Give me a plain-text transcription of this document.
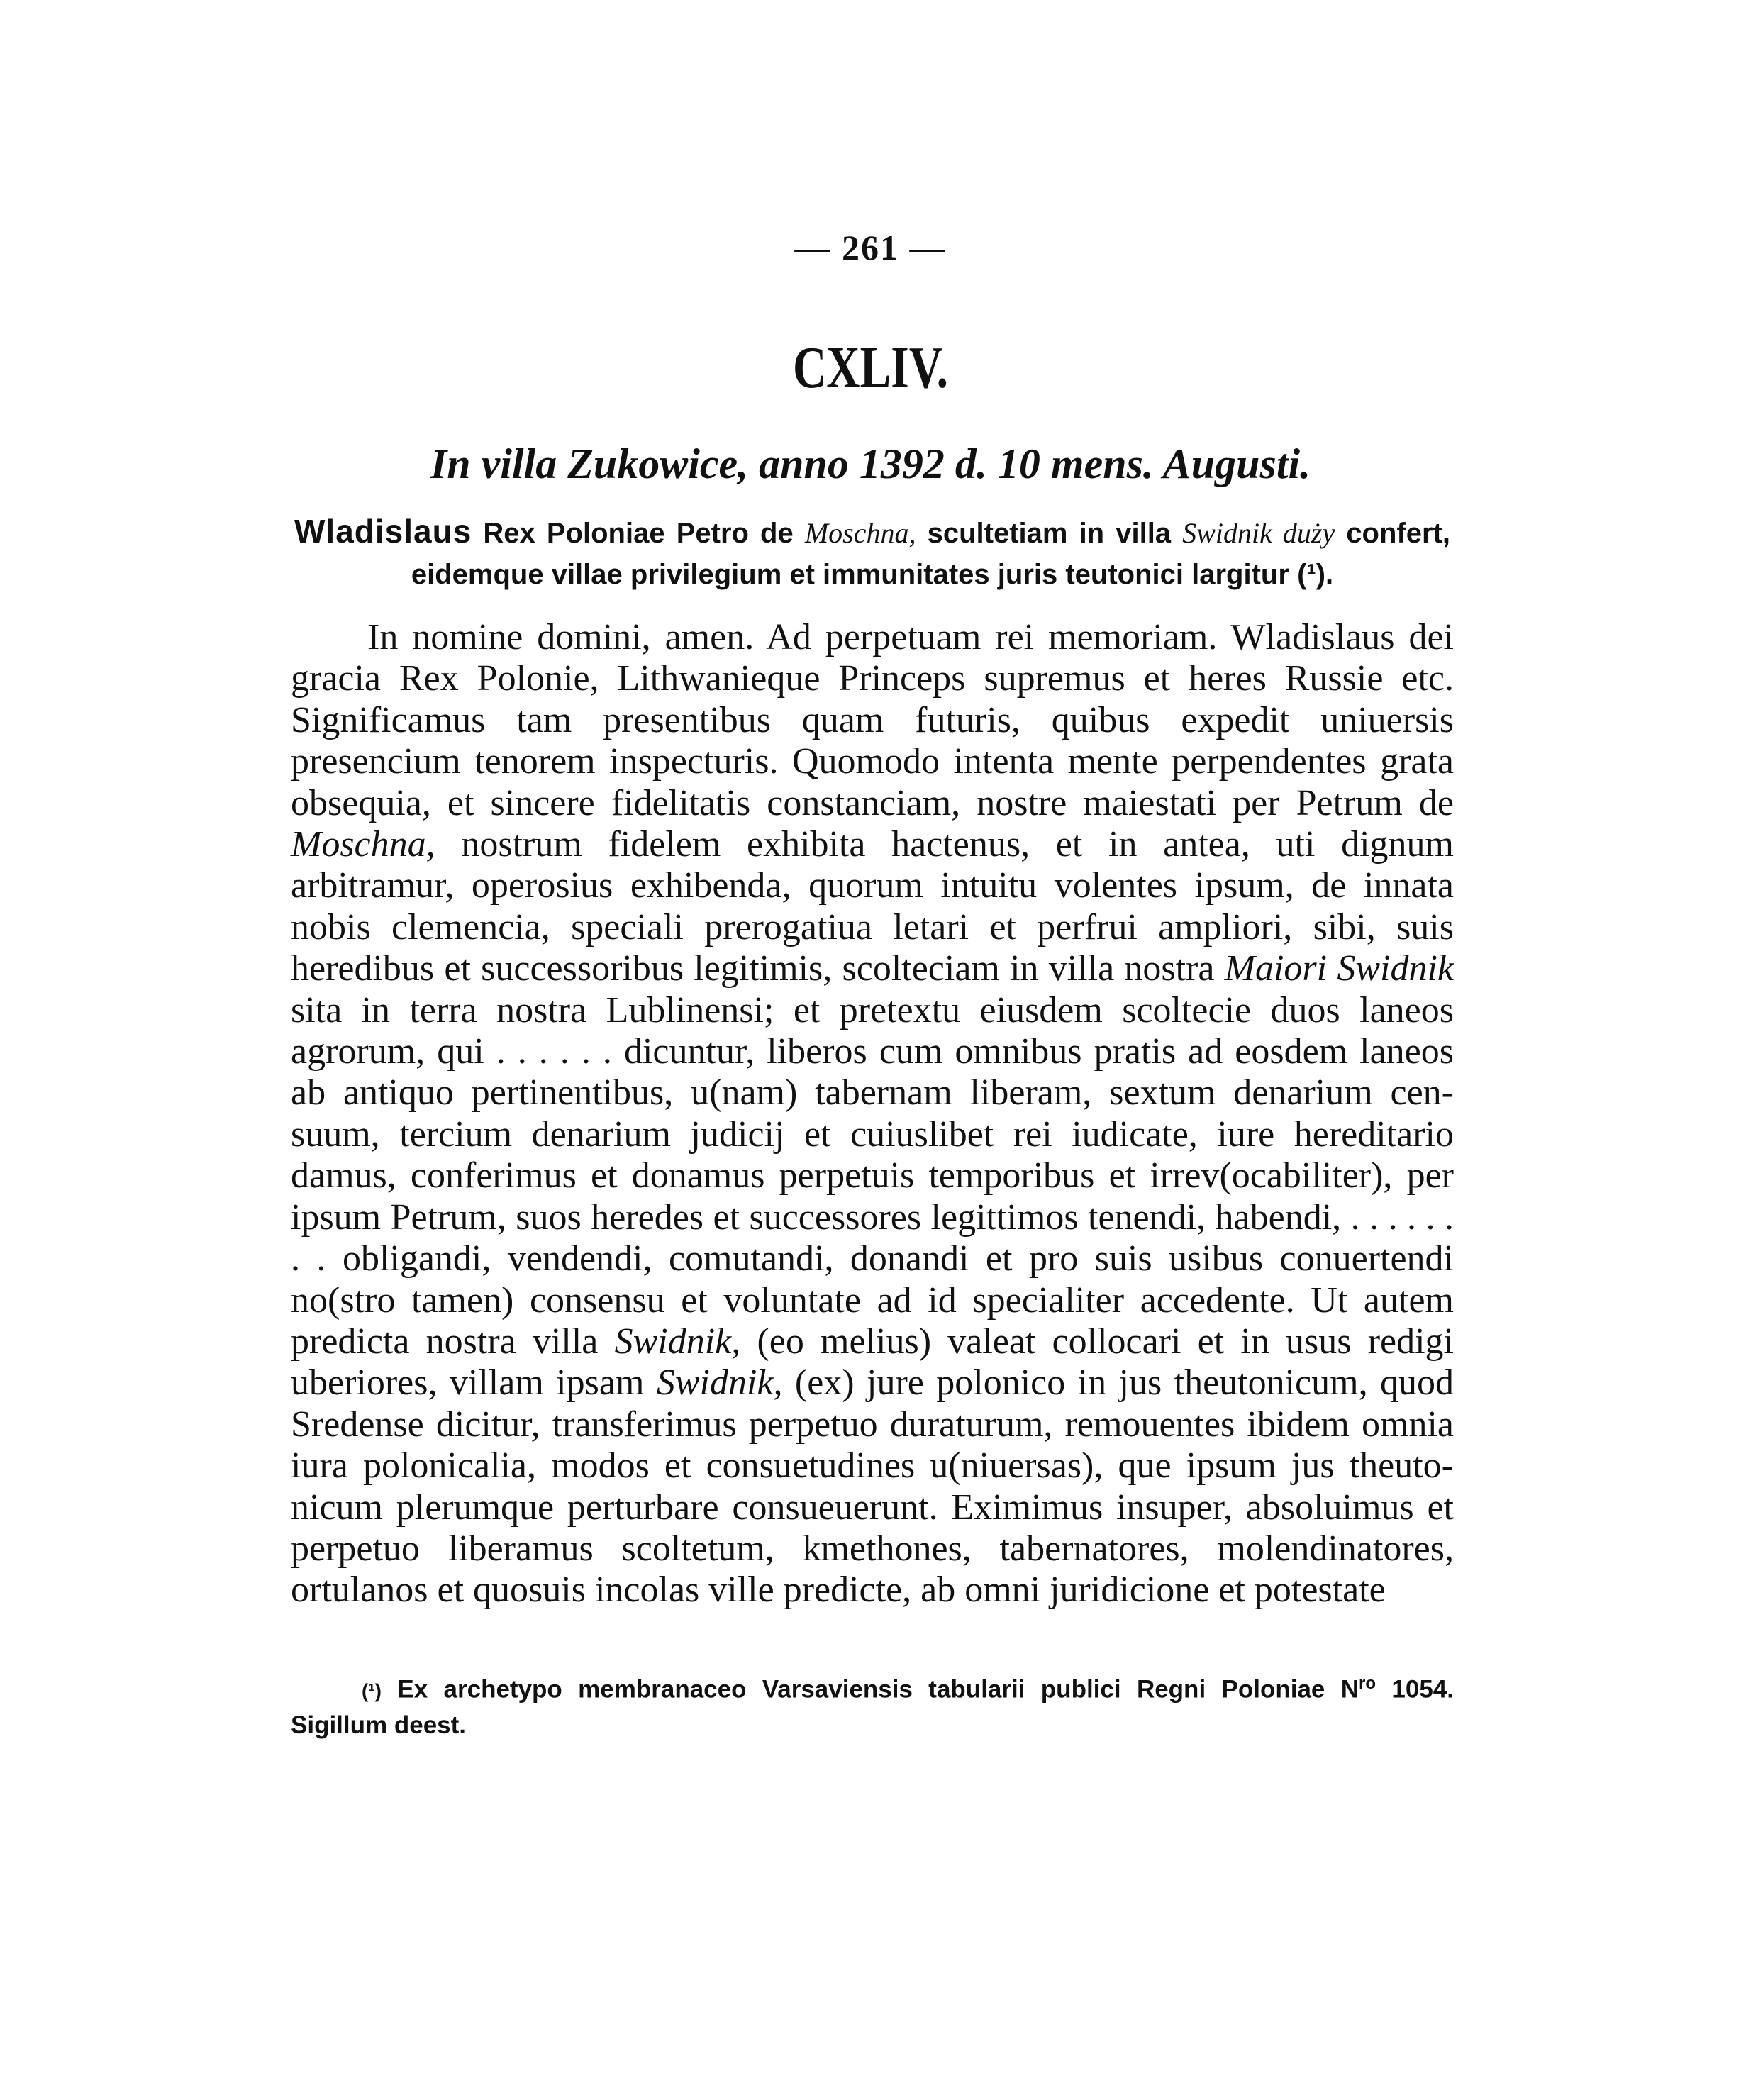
— 261 —
CXLIV.
In villa Zukowice, anno 1392 d. 10 mens. Augusti.
Wladislaus Rex Poloniae Petro de Moschna, scultetiam in villa Swidnik duży confert, eidemque villae privilegium et immunitates juris teutonici largitur (¹).
In nomine domini, amen. Ad perpetuam rei memoriam. Wladislaus dei gracia Rex Polonie, Lithwanieque Princeps supremus et heres Russie etc. Significamus tam presentibus quam futuris, quibus expedit uniuersis presencium tenorem inspecturis. Quomodo intenta mente perpendentes grata obsequia, et sincere fidelitatis constanciam, nostre maiestati per Petrum de Moschna, nostrum fidelem exhibita hactenus, et in antea, uti dignum arbitramur, operosius exhibenda, quorum intuitu volentes ipsum, de innata nobis clemencia, speciali prerogatiua letari et perfrui ampliori, sibi, suis heredibus et successoribus legitimis, scolteciam in villa nostra Maiori Swidnik sita in terra nostra Lublinensi; et pretextu eiusdem scoltecie duos laneos agrorum, qui . . . . . . dicuntur, liberos cum omnibus pratis ad eosdem laneos ab antiquo pertinentibus, u(nam) tabernam liberam, sextum denarium cen-suum, tercium denarium judicij et cuiuslibet rei iudicate, iure hereditario damus, conferimus et donamus perpetuis temporibus et irrev(ocabiliter), per ipsum Petrum, suos heredes et successores legittimos tenendi, habendi, . . . . . . . . obligandi, vendendi, comutandi, donandi et pro suis usibus conuertendi no(stro tamen) consensu et voluntate ad id specialiter accedente. Ut autem predicta nostra villa Swidnik, (eo melius) valeat collocari et in usus redigi uberiores, villam ipsam Swidnik, (ex) jure polonico in jus theutonicum, quod Sredense dicitur, transferimus perpetuo duraturum, remouentes ibidem omnia iura polonicalia, modos et consuetudines u(niuersas), que ipsum jus theuto-nicum plerumque perturbare consueuerunt. Eximimus insuper, absoluimus et perpetuo liberamus scoltetum, kmethones, tabernatores, molendinatores, ortulanos et quosuis incolas ville predicte, ab omni juridicione et potestate
(¹) Ex archetypo membranaceo Varsaviensis tabularii publici Regni Poloniae $N^{ro}$ 1054. Sigillum deest.
